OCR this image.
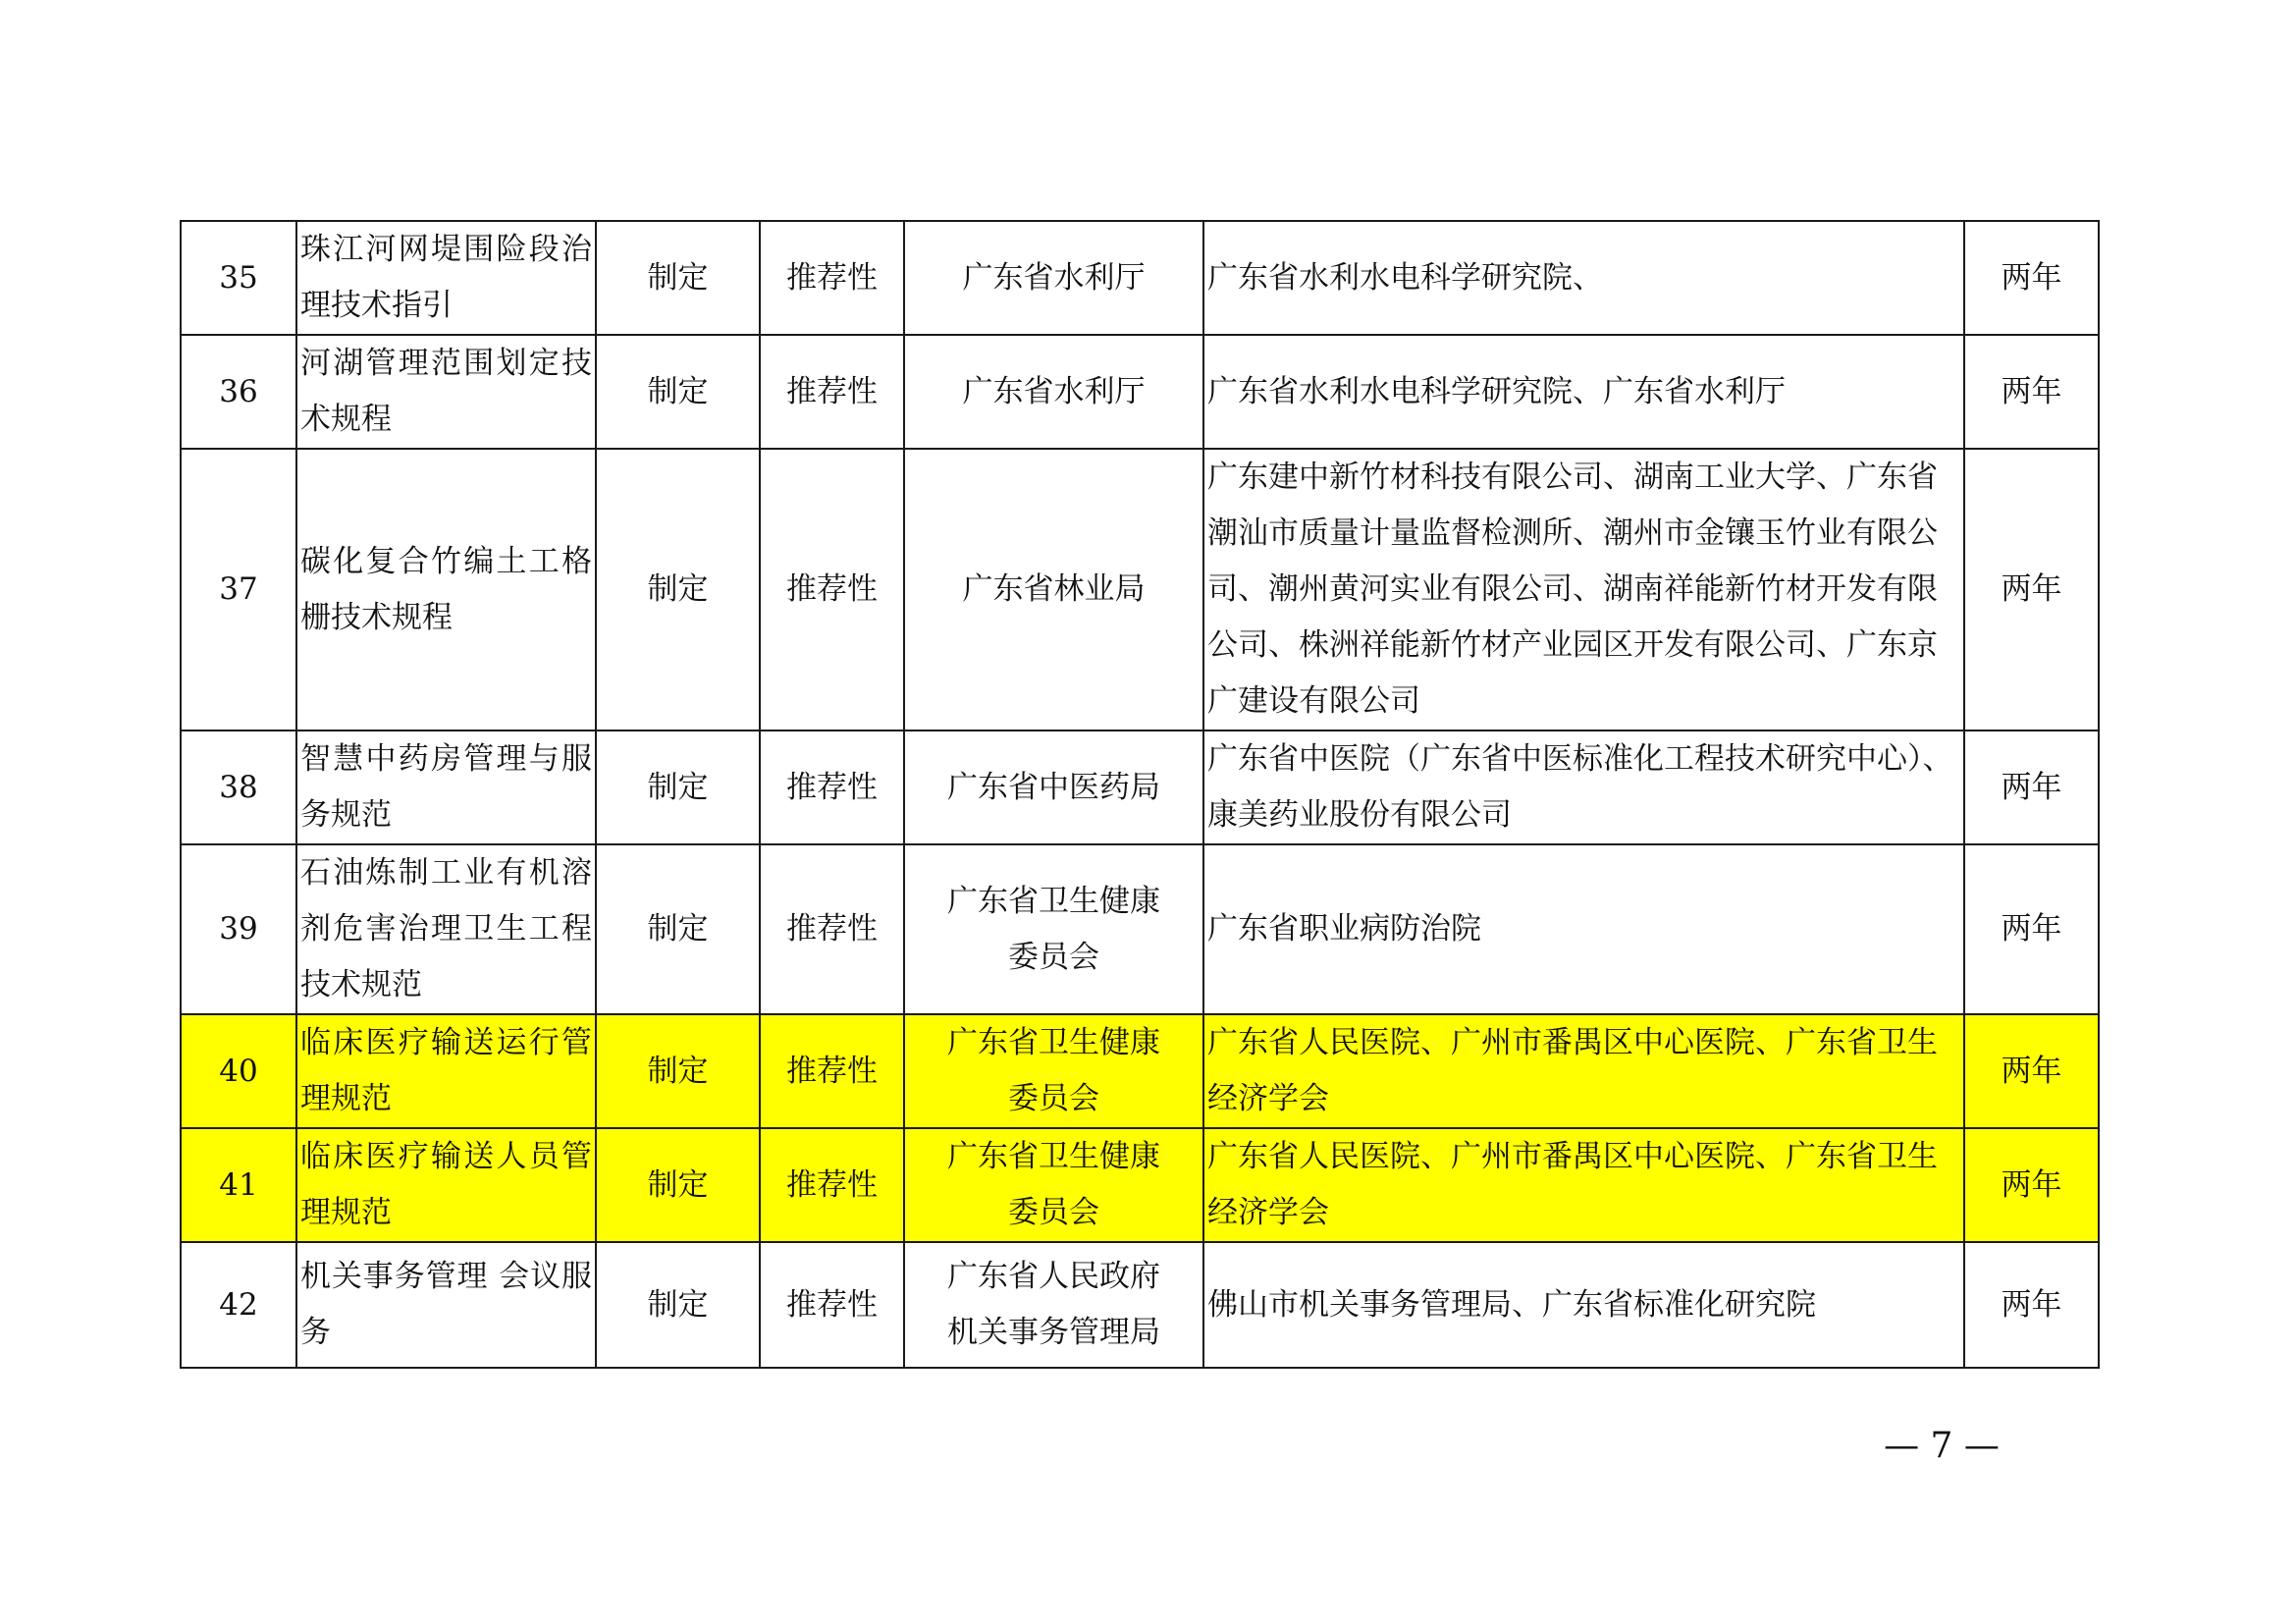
35	珠江河网堤围险段治理技术指引	制定	推荐性	广东省水利厅	广东省水利水电科学研究院、	两年
36	河湖管理范围划定技术规程	制定	推荐性	广东省水利厅	广东省水利水电科学研究院、广东省水利厅	两年
37	碳化复合竹编土工格栅技术规程	制定	推荐性	广东省林业局	广东建中新竹材科技有限公司、湖南工业大学、广东省潮汕市质量计量监督检测所、潮州市金镶玉竹业有限公司、潮州黄河实业有限公司、湖南祥能新竹材开发有限公司、株洲祥能新竹材产业园区开发有限公司、广东京广建设有限公司	两年
38	智慧中药房管理与服务规范	制定	推荐性	广东省中医药局	广东省中医院（广东省中医标准化工程技术研究中心）、康美药业股份有限公司	两年
39	石油炼制工业有机溶剂危害治理卫生工程技术规范	制定	推荐性	广东省卫生健康委员会	广东省职业病防治院	两年
40	临床医疗输送运行管理规范	制定	推荐性	广东省卫生健康委员会	广东省人民医院、广州市番禺区中心医院、广东省卫生经济学会	两年
41	临床医疗输送人员管理规范	制定	推荐性	广东省卫生健康委员会	广东省人民医院、广州市番禺区中心医院、广东省卫生经济学会	两年
42	机关事务管理 会议服务	制定	推荐性	广东省人民政府机关事务管理局	佛山市机关事务管理局、广东省标准化研究院	两年
— 7 —
